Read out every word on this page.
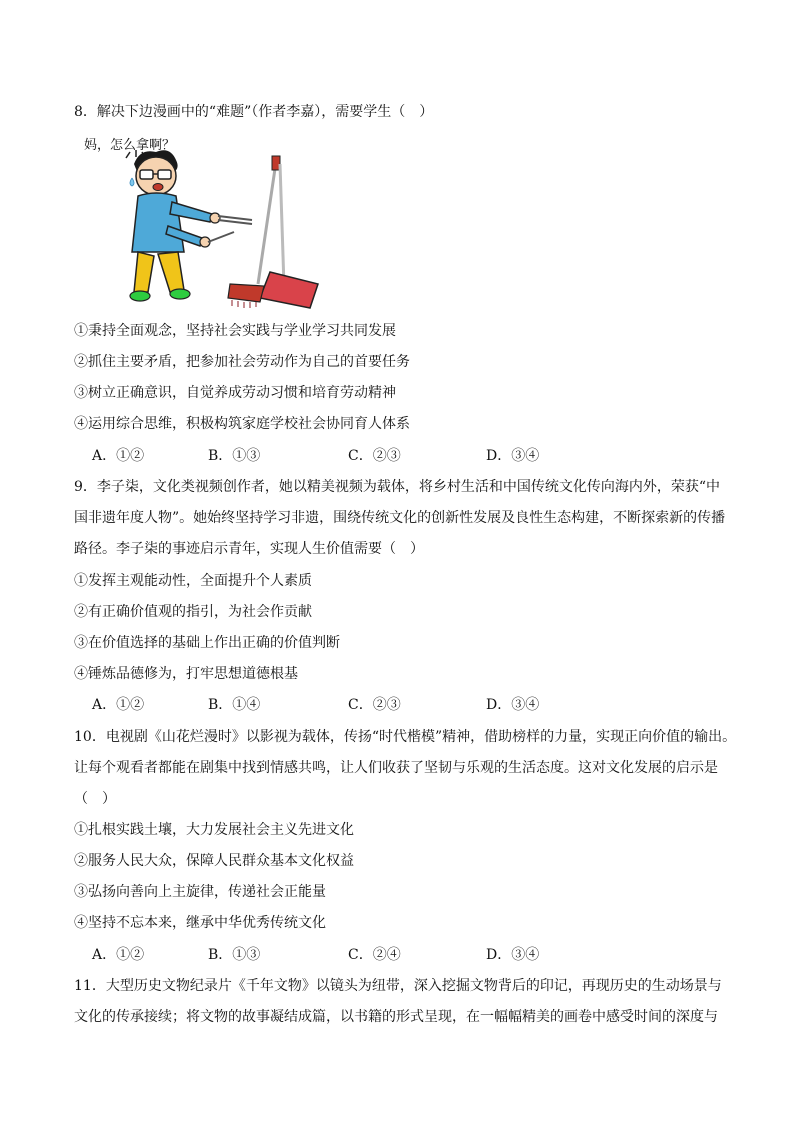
8．解决下边漫画中的“难题”（作者李嘉），需要学生（　）
妈，怎么拿啊？
①秉持全面观念，坚持社会实践与学业学习共同发展
②抓住主要矛盾，把参加社会劳动作为自己的首要任务
③树立正确意识，自觉养成劳动习惯和培育劳动精神
④运用综合思维，积极构筑家庭学校社会协同育人体系
A．①②	B．①③	C．②③	D．③④
9．李子柒，文化类视频创作者，她以精美视频为载体，将乡村生活和中国传统文化传向海内外，荣获“中
国非遗年度人物”。她始终坚持学习非遗，围绕传统文化的创新性发展及良性生态构建，不断探索新的传播
路径。李子柒的事迹启示青年，实现人生价值需要（　）
①发挥主观能动性，全面提升个人素质
②有正确价值观的指引，为社会作贡献
③在价值选择的基础上作出正确的价值判断
④锤炼品德修为，打牢思想道德根基
A．①②	B．①④	C．②③	D．③④
10．电视剧《山花烂漫时》以影视为载体，传扬“时代楷模”精神，借助榜样的力量，实现正向价值的输出。
让每个观看者都能在剧集中找到情感共鸣，让人们收获了坚韧与乐观的生活态度。这对文化发展的启示是
（　）
①扎根实践土壤，大力发展社会主义先进文化
②服务人民大众，保障人民群众基本文化权益
③弘扬向善向上主旋律，传递社会正能量
④坚持不忘本来，继承中华优秀传统文化
A．①②	B．①③	C．②④	D．③④
11．大型历史文物纪录片《千年文物》以镜头为纽带，深入挖掘文物背后的印记，再现历史的生动场景与
文化的传承接续；将文物的故事凝结成篇，以书籍的形式呈现，在一幅幅精美的画卷中感受时间的深度与
